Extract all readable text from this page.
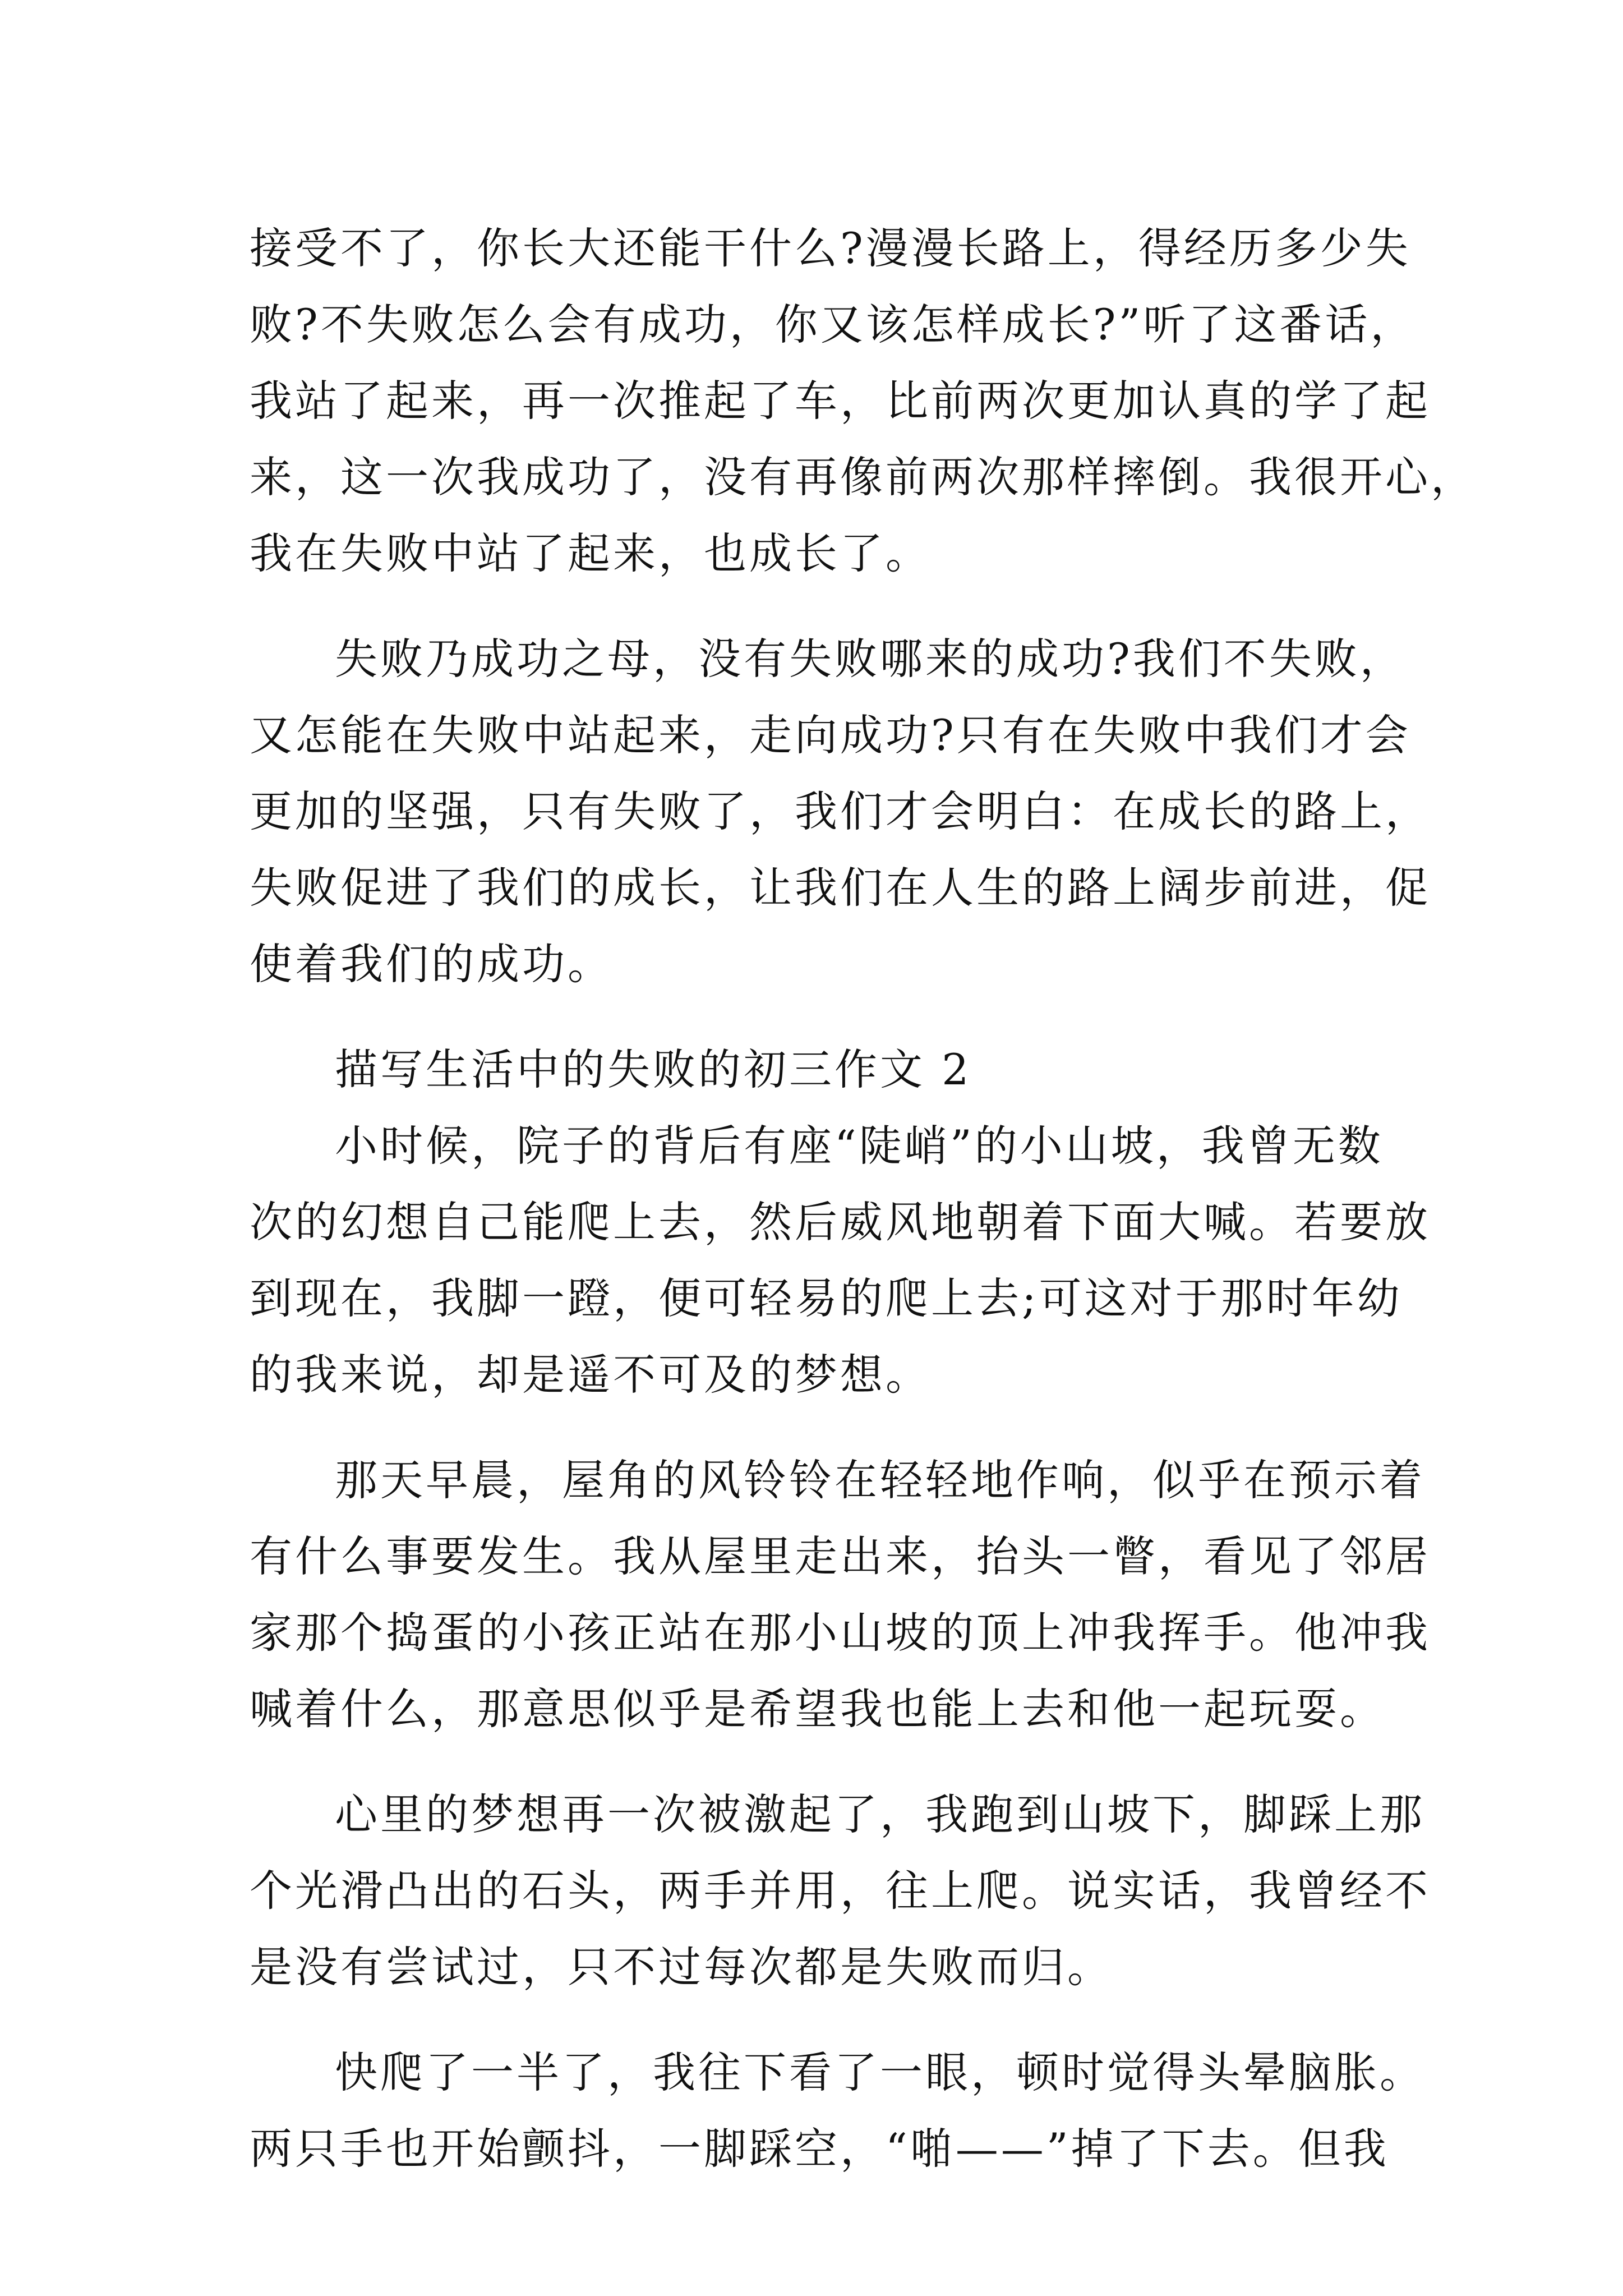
接受不了，你长大还能干什么?漫漫长路上，得经历多少失
败?不失败怎么会有成功，你又该怎样成长?”听了这番话，
我站了起来，再一次推起了车，比前两次更加认真的学了起
来，这一次我成功了，没有再像前两次那样摔倒。我很开心，
我在失败中站了起来，也成长了。
失败乃成功之母，没有失败哪来的成功?我们不失败，
又怎能在失败中站起来，走向成功?只有在失败中我们才会
更加的坚强，只有失败了，我们才会明白：在成长的路上，
失败促进了我们的成长，让我们在人生的路上阔步前进，促
使着我们的成功。
描写生活中的失败的初三作文 2
小时候，院子的背后有座“陡峭”的小山坡，我曾无数
次的幻想自己能爬上去，然后威风地朝着下面大喊。若要放
到现在，我脚一蹬，便可轻易的爬上去;可这对于那时年幼
的我来说，却是遥不可及的梦想。
那天早晨，屋角的风铃铃在轻轻地作响，似乎在预示着
有什么事要发生。我从屋里走出来，抬头一瞥，看见了邻居
家那个捣蛋的小孩正站在那小山坡的顶上冲我挥手。他冲我
喊着什么，那意思似乎是希望我也能上去和他一起玩耍。
心里的梦想再一次被激起了，我跑到山坡下，脚踩上那
个光滑凸出的石头，两手并用，往上爬。说实话，我曾经不
是没有尝试过，只不过每次都是失败而归。
快爬了一半了，我往下看了一眼，顿时觉得头晕脑胀。
两只手也开始颤抖，一脚踩空，“啪——”掉了下去。但我
